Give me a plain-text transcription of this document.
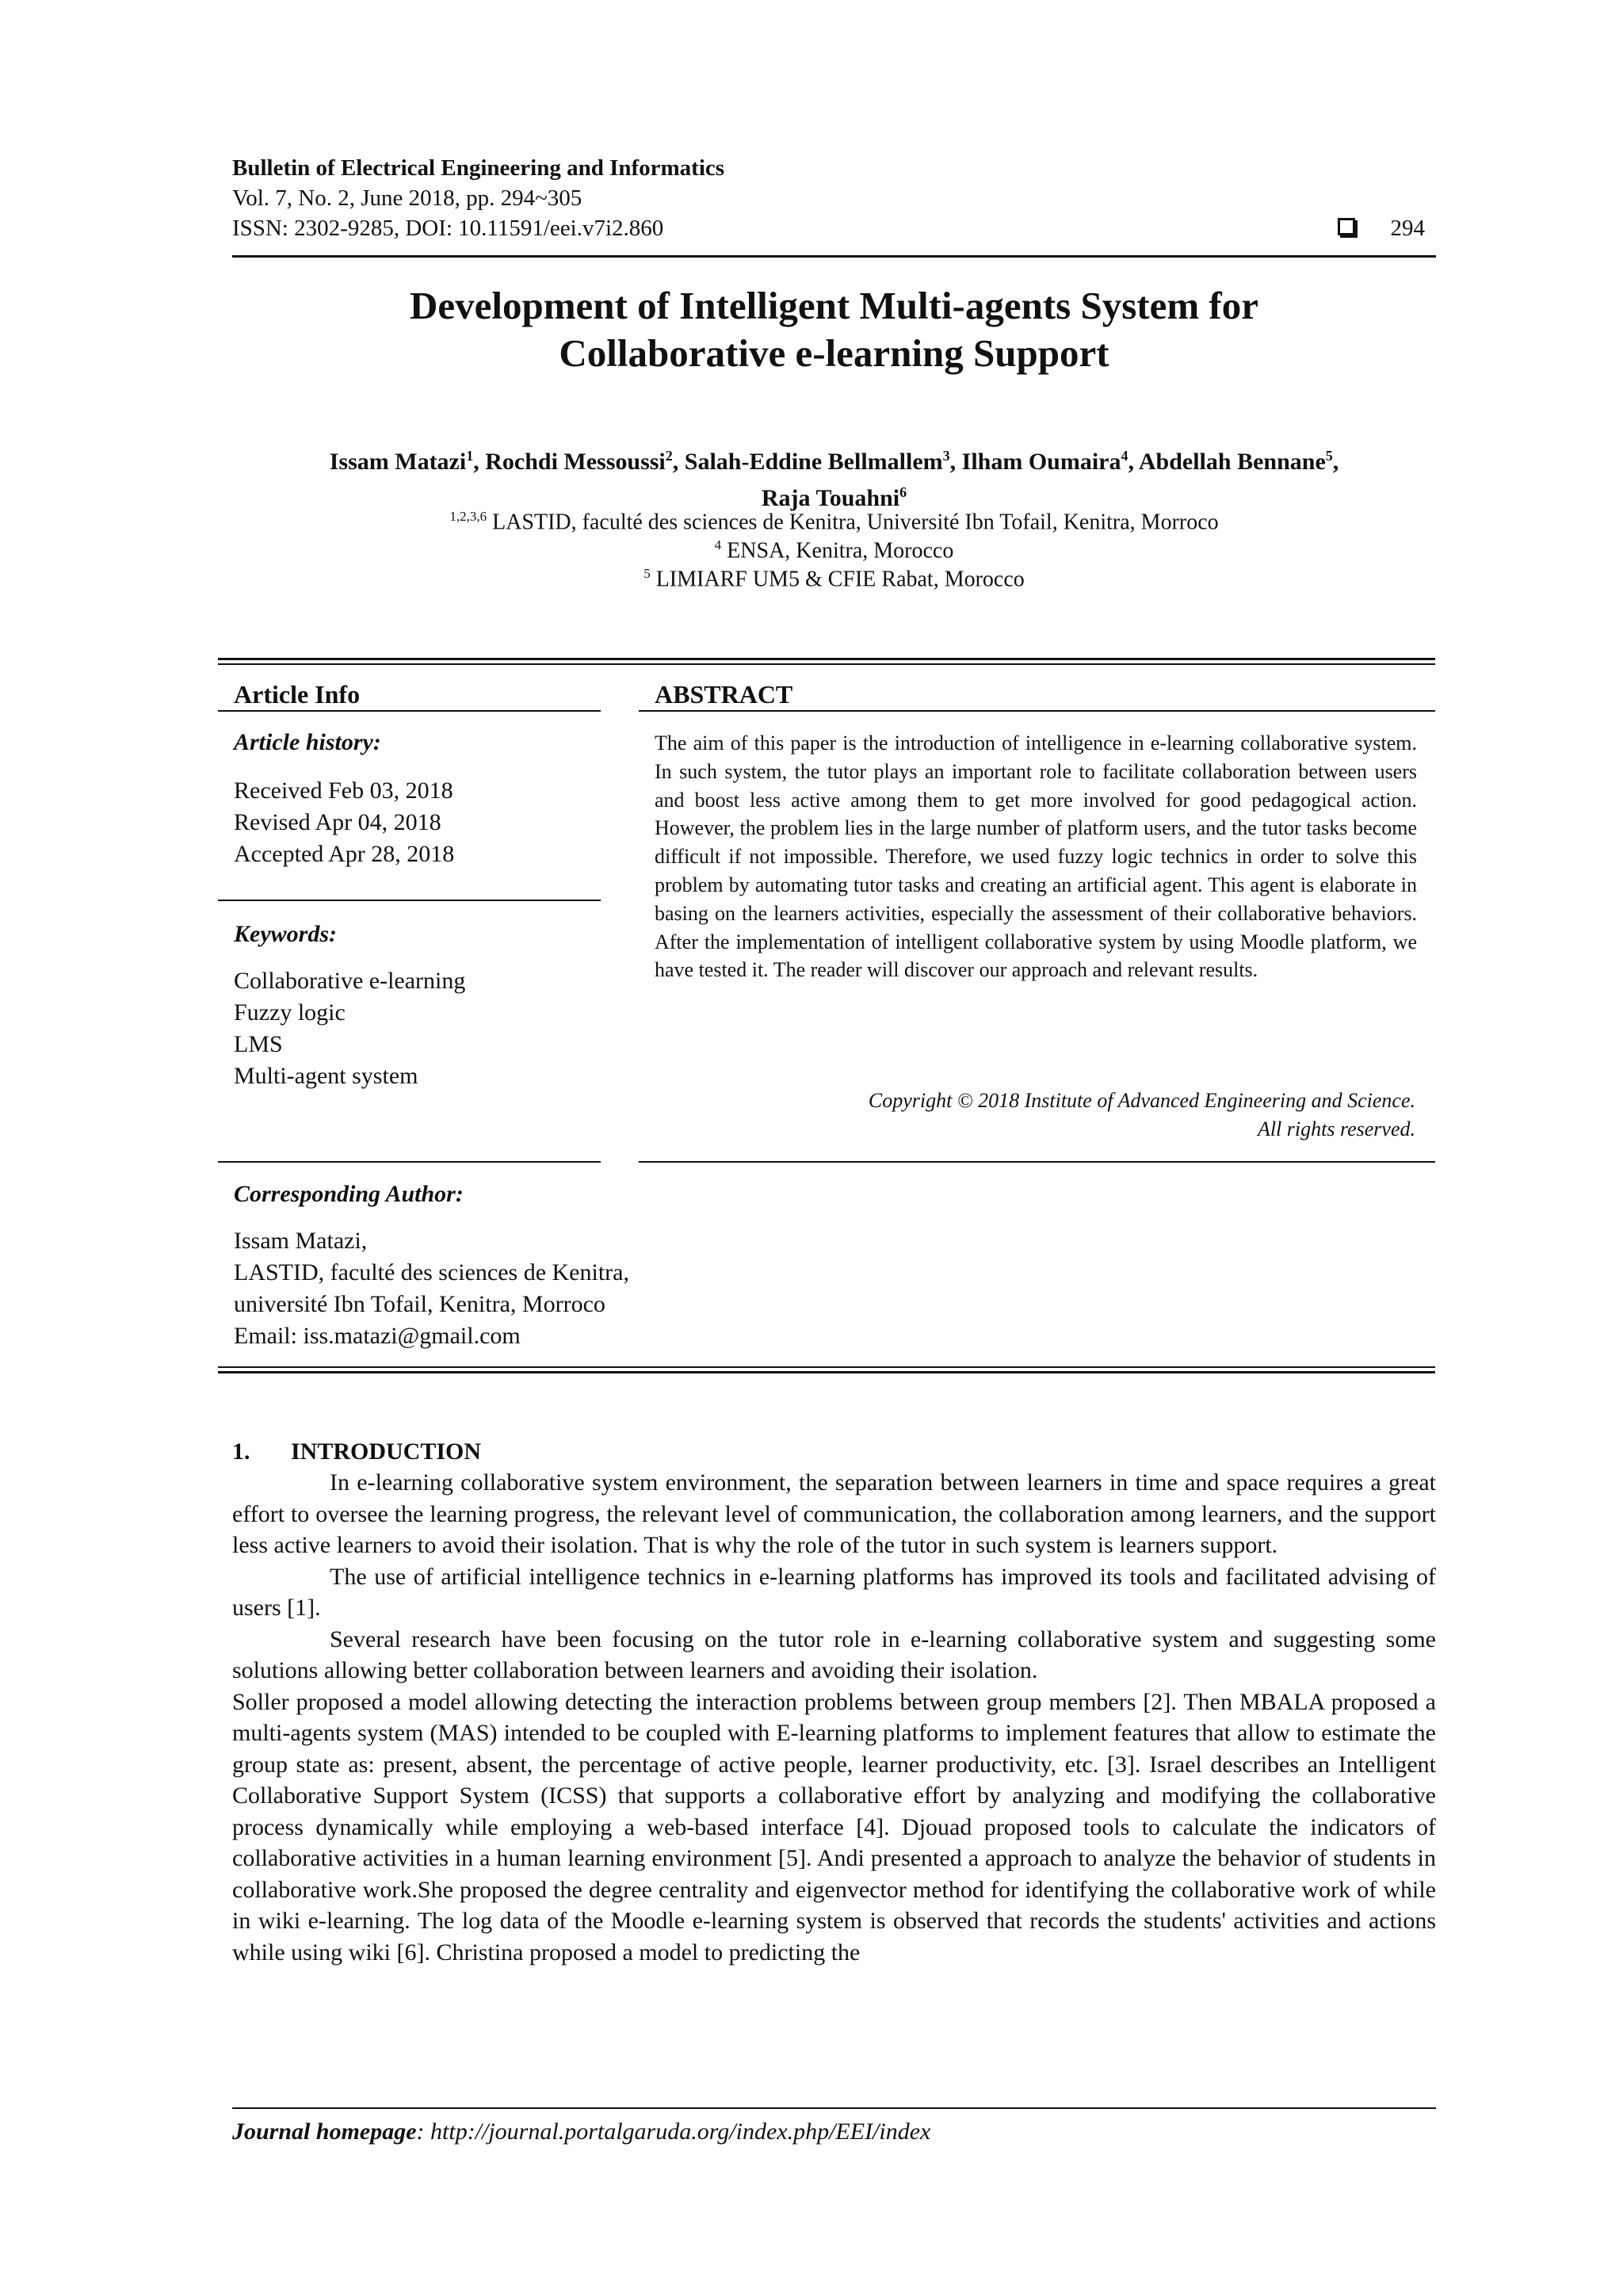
Bulletin of Electrical Engineering and Informatics
Vol. 7, No. 2, June 2018, pp. 294~305
ISSN: 2302-9285, DOI: 10.11591/eei.v7i2.860	294
Development of Intelligent Multi-agents System for
Collaborative e-learning Support
Issam Matazi$^1$, Rochdi Messoussi$^2$, Salah-Eddine Bellmallem$^3$, Ilham Oumaira$^4$, Abdellah Bennane$^5$,
Raja Touahni$^6$
$^{1,2,3,6}$ LASTID, faculté des sciences de Kenitra, Université Ibn Tofail, Kenitra, Morroco
$^4$ ENSA, Kenitra, Morocco
$^5$ LIMIARF UM5 & CFIE Rabat, Morocco
Article Info
Article history:
Received Feb 03, 2018
Revised Apr 04, 2018
Accepted Apr 28, 2018
Keywords:
Collaborative e-learning
Fuzzy logic
LMS
Multi-agent system
ABSTRACT
The aim of this paper is the introduction of intelligence in e-learning collaborative system. In such system, the tutor plays an important role to facilitate collaboration between users and boost less active among them to get more involved for good pedagogical action. However, the problem lies in the large number of platform users, and the tutor tasks become difficult if not impossible. Therefore, we used fuzzy logic technics in order to solve this problem by automating tutor tasks and creating an artificial agent. This agent is elaborate in basing on the learners activities, especially the assessment of their collaborative behaviors. After the implementation of intelligent collaborative system by using Moodle platform, we have tested it. The reader will discover our approach and relevant results.
Copyright © 2018 Institute of Advanced Engineering and Science.
All rights reserved.
Corresponding Author:
Issam Matazi,
LASTID, faculté des sciences de Kenitra,
université Ibn Tofail, Kenitra, Morroco
Email: iss.matazi@gmail.com
1. INTRODUCTION

In e-learning collaborative system environment, the separation between learners in time and space requires a great effort to oversee the learning progress, the relevant level of communication, the collaboration among learners, and the support less active learners to avoid their isolation. That is why the role of the tutor in such system is learners support.

The use of artificial intelligence technics in e-learning platforms has improved its tools and facilitated advising of users [1].

Several research have been focusing on the tutor role in e-learning collaborative system and suggesting some solutions allowing better collaboration between learners and avoiding their isolation.

Soller proposed a model allowing detecting the interaction problems between group members [2]. Then MBALA proposed a multi-agents system (MAS) intended to be coupled with E-learning platforms to implement features that allow to estimate the group state as: present, absent, the percentage of active people, learner productivity, etc. [3]. Israel describes an Intelligent Collaborative Support System (ICSS) that supports a collaborative effort by analyzing and modifying the collaborative process dynamically while employing a web-based interface [4]. Djouad proposed tools to calculate the indicators of collaborative activities in a human learning environment [5]. Andi presented a approach to analyze the behavior of students in collaborative work.She proposed the degree centrality and eigenvector method for identifying the collaborative work of while in wiki e-learning. The log data of the Moodle e-learning system is observed that records the students' activities and actions while using wiki [6]. Christina proposed a model to predicting the

Journal homepage: http://journal.portalgaruda.org/index.php/EEI/index
